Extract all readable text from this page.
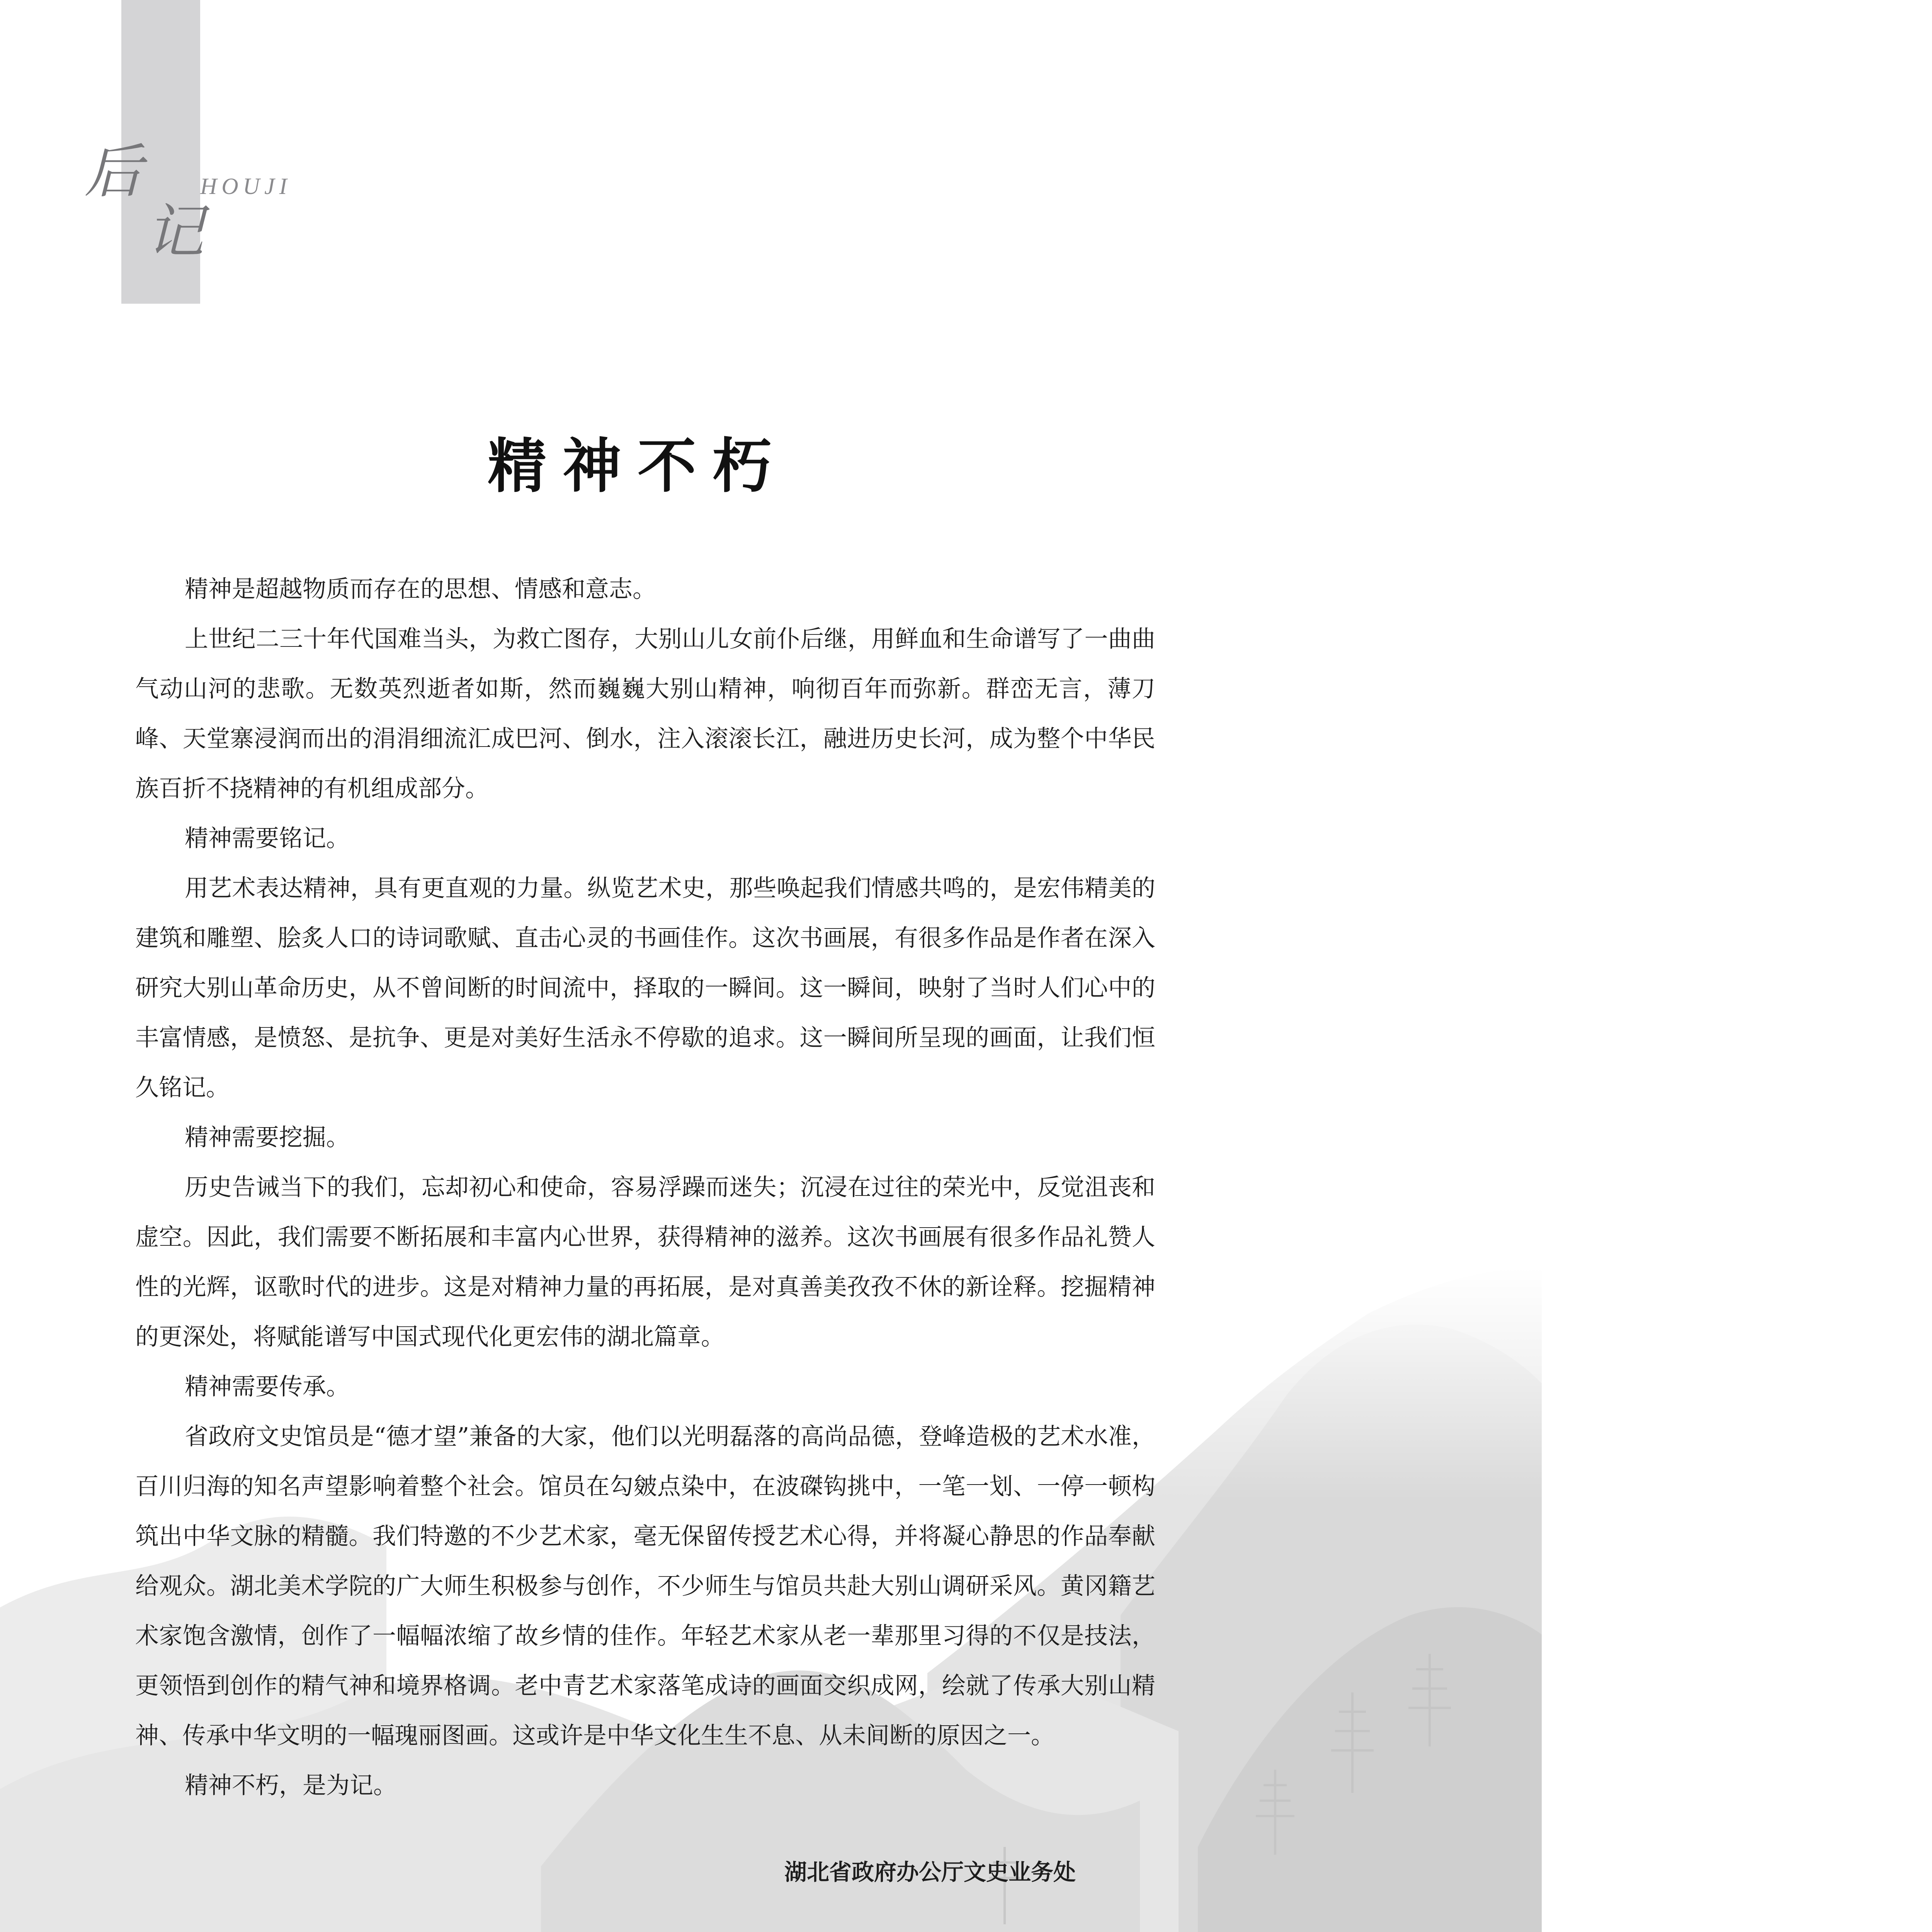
后
记
HOUJI
精神不朽

精神是超越物质而存在的思想、情感和意志。

上世纪二三十年代国难当头，为救亡图存，大别山儿女前仆后继，用鲜血和生命谱写了一曲曲气动山河的悲歌。无数英烈逝者如斯，然而巍巍大别山精神，响彻百年而弥新。群峦无言，薄刀峰、天堂寨浸润而出的涓涓细流汇成巴河、倒水，注入滚滚长江，融进历史长河，成为整个中华民族百折不挠精神的有机组成部分。

精神需要铭记。

用艺术表达精神，具有更直观的力量。纵览艺术史，那些唤起我们情感共鸣的，是宏伟精美的建筑和雕塑、脍炙人口的诗词歌赋、直击心灵的书画佳作。这次书画展，有很多作品是作者在深入研究大别山革命历史，从不曾间断的时间流中，择取的一瞬间。这一瞬间，映射了当时人们心中的丰富情感，是愤怒、是抗争、更是对美好生活永不停歇的追求。这一瞬间所呈现的画面，让我们恒久铭记。

精神需要挖掘。

历史告诫当下的我们，忘却初心和使命，容易浮躁而迷失；沉浸在过往的荣光中，反觉沮丧和虚空。因此，我们需要不断拓展和丰富内心世界，获得精神的滋养。这次书画展有很多作品礼赞人性的光辉，讴歌时代的进步。这是对精神力量的再拓展，是对真善美孜孜不休的新诠释。挖掘精神的更深处，将赋能谱写中国式现代化更宏伟的湖北篇章。

精神需要传承。

省政府文史馆员是“德才望”兼备的大家，他们以光明磊落的高尚品德，登峰造极的艺术水准，百川归海的知名声望影响着整个社会。馆员在勾皴点染中，在波磔钩挑中，一笔一划、一停一顿构筑出中华文脉的精髓。我们特邀的不少艺术家，毫无保留传授艺术心得，并将凝心静思的作品奉献给观众。湖北美术学院的广大师生积极参与创作，不少师生与馆员共赴大别山调研采风。黄冈籍艺术家饱含激情，创作了一幅幅浓缩了故乡情的佳作。年轻艺术家从老一辈那里习得的不仅是技法，更领悟到创作的精气神和境界格调。老中青艺术家落笔成诗的画面交织成网，绘就了传承大别山精神、传承中华文明的一幅瑰丽图画。这或许是中华文化生生不息、从未间断的原因之一。

精神不朽，是为记。

湖北省政府办公厅文史业务处
